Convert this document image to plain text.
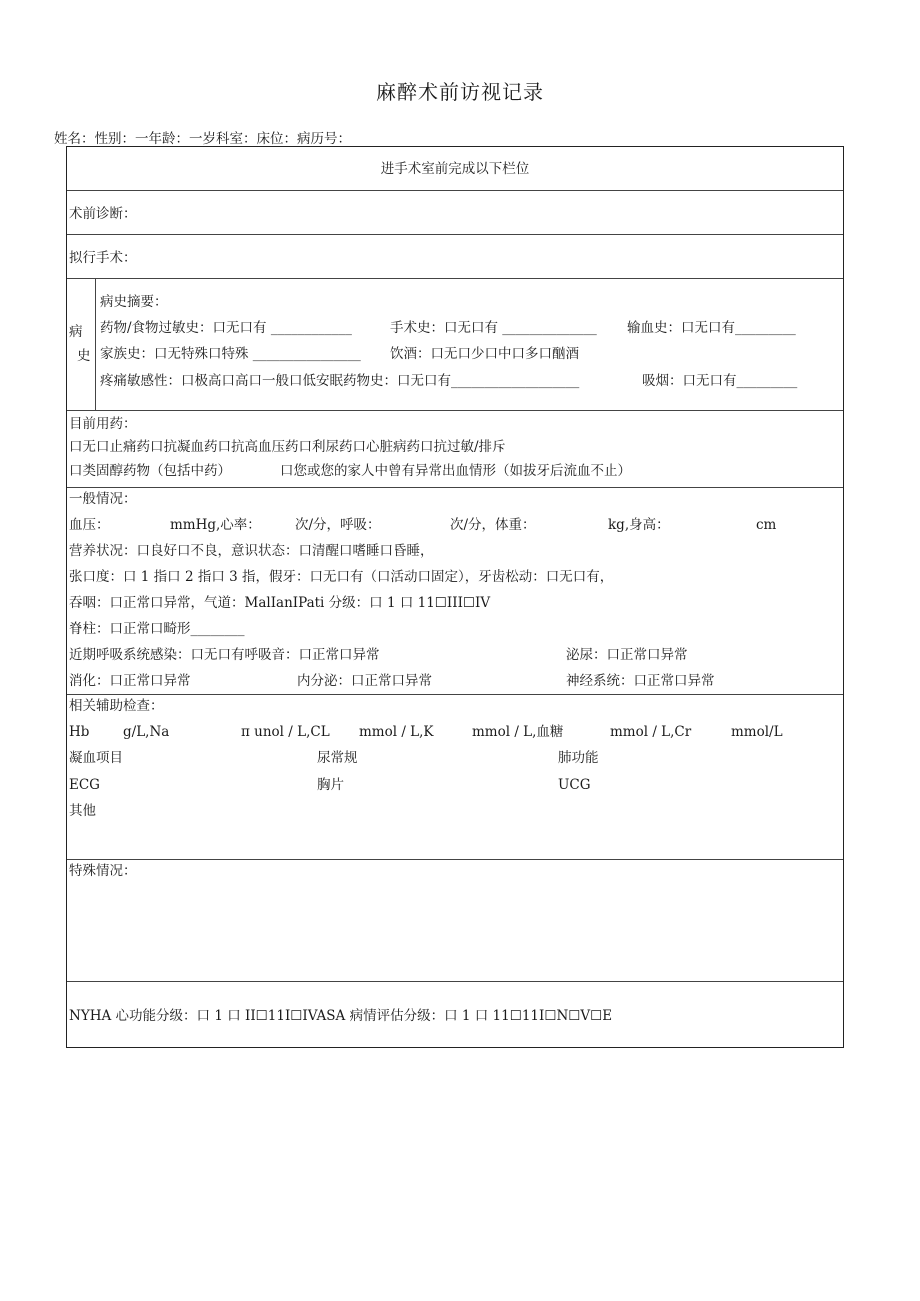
麻醉术前访视记录
姓名：性别：一年龄：一岁科室：床位：病历号：
进手术室前完成以下栏位
术前诊断：
拟行手术：
病
史
病史摘要：
药物/食物过敏史：口无口有 ____________	手术史：口无口有 ______________ 输血史：口无口有_________
家族史：口无特殊口特殊 ________________ 饮酒：口无口少口中口多口酗酒
疼痛敏感性：口极高口高口一般口低安眠药物史：口无口有___________________	吸烟：口无口有_________
目前用药：
口无口止痛药口抗凝血药口抗高血压药口利尿药口心脏病药口抗过敏/排斥
口类固醇药物（包括中药）	口您或您的家人中曾有异常出血情形（如拔牙后流血不止）
一般情况：
血压：	mmHg,心率：	次/分，呼吸：	次/分，体重：	kg,身高：	cm
营养状况：口良好口不良，意识状态：口清醒口嗜睡口昏睡，
张口度：口 1 指口 2 指口 3 指，假牙：口无口有（口活动口固定），牙齿松动：口无口有，
吞咽：口正常口异常，气道：MalIanIPati 分级：口 1 口 11☐III☐IV
脊柱：口正常口畸形________
近期呼吸系统感染：口无口有呼吸音：口正常口异常	泌尿：口正常口异常
消化：口正常口异常	内分泌：口正常口异常	神经系统：口正常口异常
相关辅助检查：
Hb g/L,Na	π unol / L,CL mmol / L,K	mmol / L,血糖	mmol / L,Cr	mmol/L
凝血项目	尿常规	肺功能
ECG	胸片	UCG
其他
特殊情况：
NYHA 心功能分级：口 1 口 II☐11I☐IVASA 病情评估分级：口 1 口 11☐11I☐N☐V☐E
